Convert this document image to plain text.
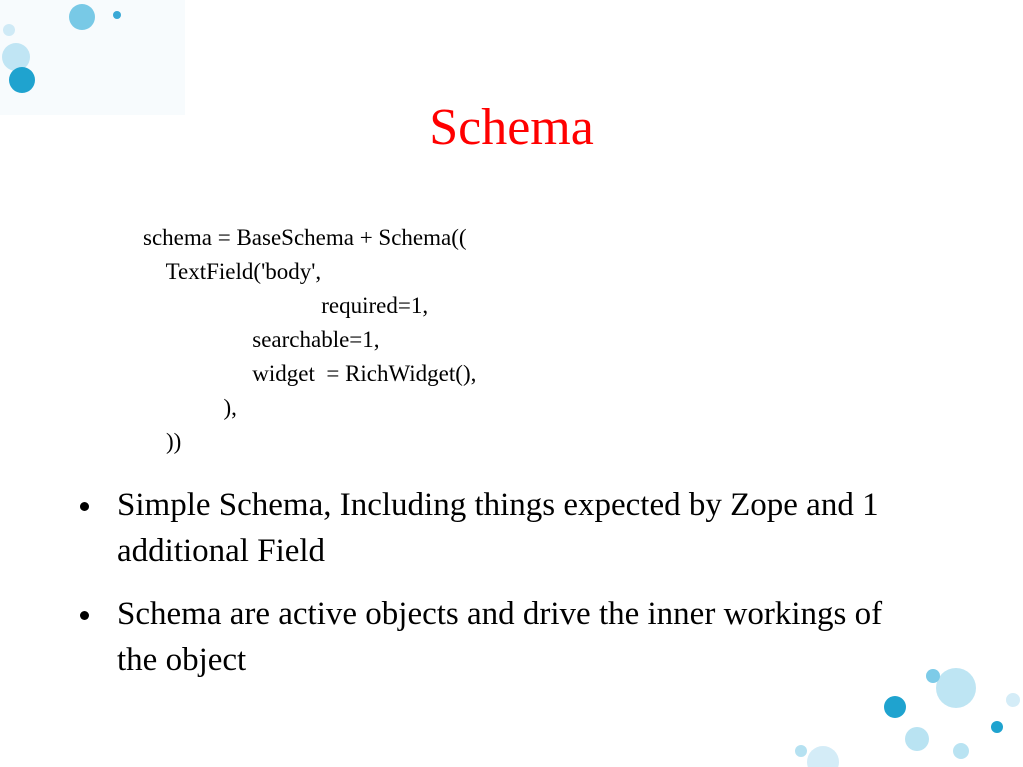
Schema
schema = BaseSchema + Schema((
TextField('body',
required=1,
searchable=1,
widget  = RichWidget(),
),
))
Simple Schema, Including things expected by Zope and 1 additional Field
Schema are active objects and drive the inner workings of the object
